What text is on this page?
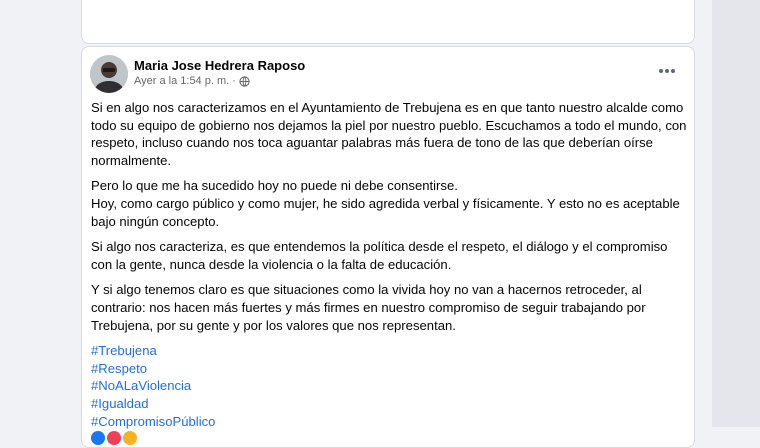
Maria Jose Hedrera Raposo
Ayer a la 1:54 p. m. ·

Si en algo nos caracterizamos en el Ayuntamiento de Trebujena es en que tanto nuestro alcalde como todo su equipo de gobierno nos dejamos la piel por nuestro pueblo. Escuchamos a todo el mundo, con respeto, incluso cuando nos toca aguantar palabras más fuera de tono de las que deberían oírse normalmente.

Pero lo que me ha sucedido hoy no puede ni debe consentirse.

Hoy, como cargo público y como mujer, he sido agredida verbal y físicamente. Y esto no es aceptable bajo ningún concepto.

Si algo nos caracteriza, es que entendemos la política desde el respeto, el diálogo y el compromiso con la gente, nunca desde la violencia o la falta de educación.

Y si algo tenemos claro es que situaciones como la vivida hoy no van a hacernos retroceder, al contrario: nos hacen más fuertes y más firmes en nuestro compromiso de seguir trabajando por Trebujena, por su gente y por los valores que nos representan.

#Trebujena
#Respeto
#NoALaViolencia
#Igualdad
#CompromisoPúblico
